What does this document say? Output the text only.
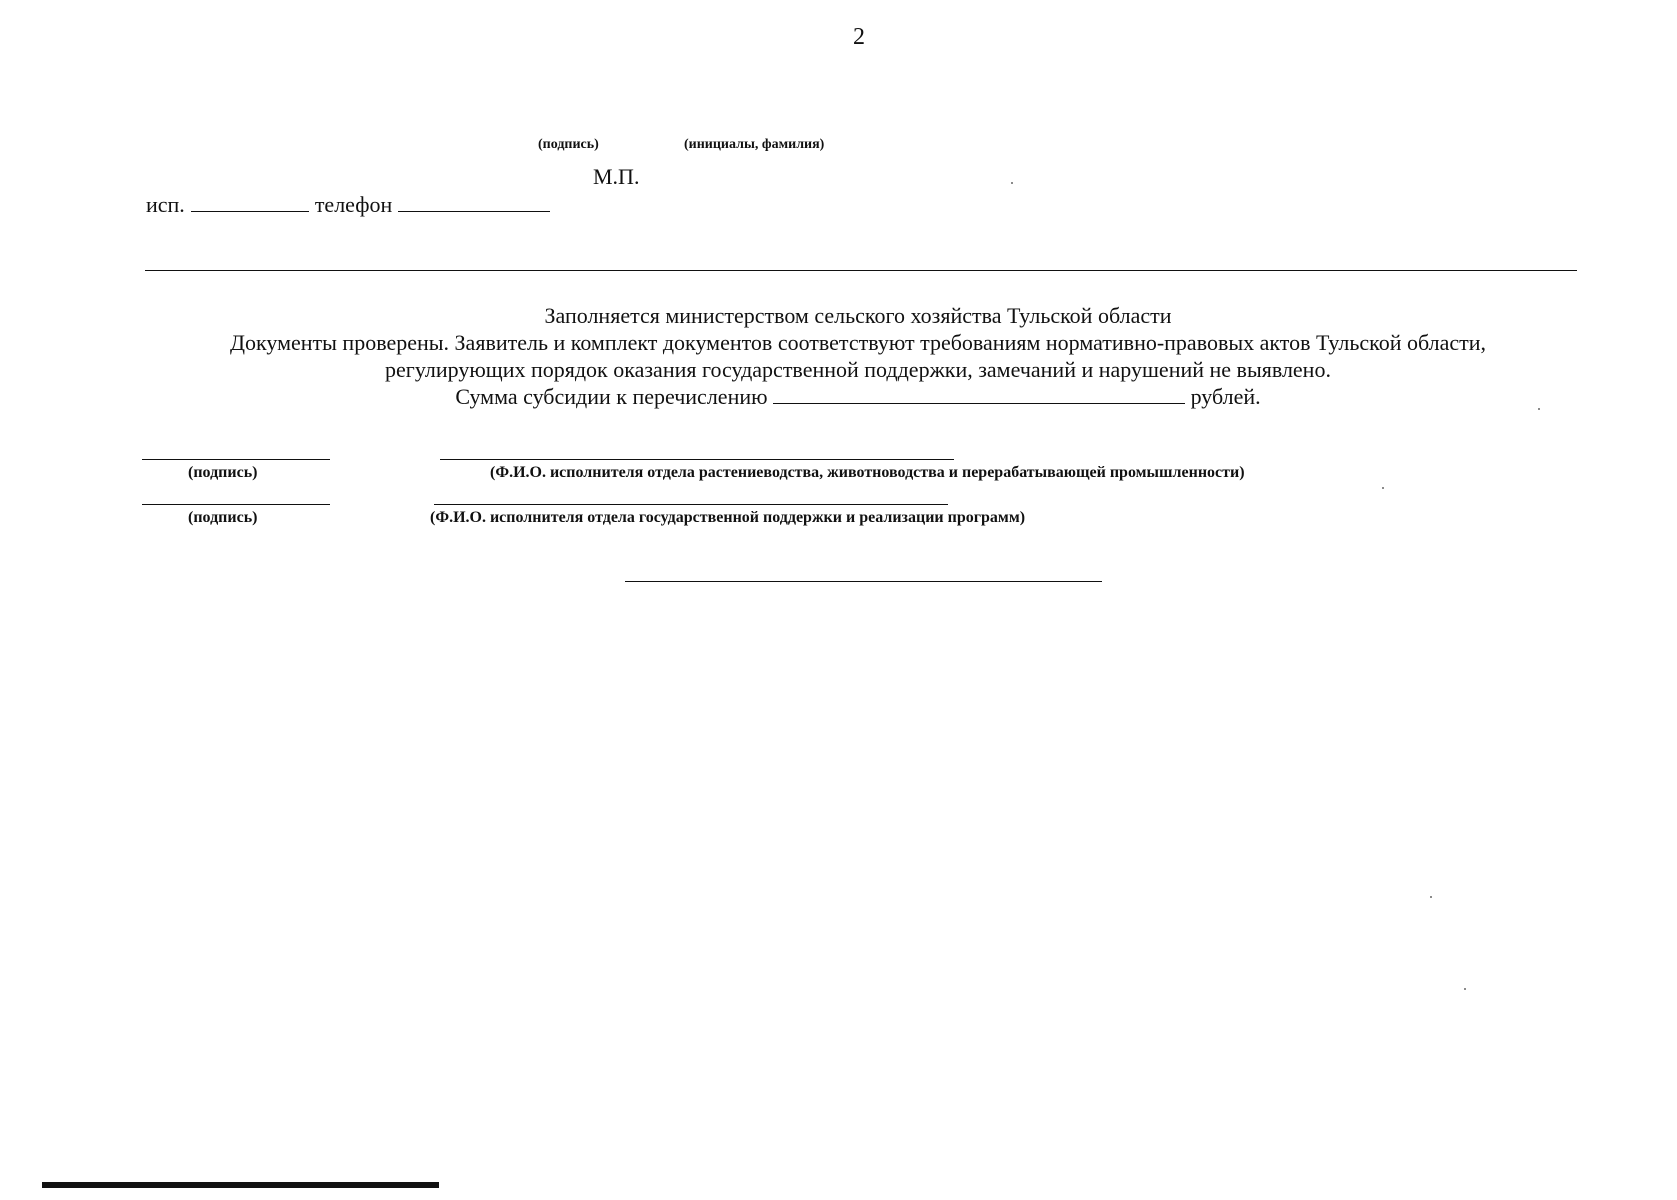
2
(подпись)	(инициалы, фамилия)
М.П.
исп.	телефон
Заполняется министерством сельского хозяйства Тульской области
Документы проверены. Заявитель и комплект документов соответствуют требованиям нормативно-правовых актов Тульской области,
регулирующих порядок оказания государственной поддержки, замечаний и нарушений не выявлено.
Сумма субсидии к перечислению	рублей.
(подпись)	(Ф.И.О. исполнителя отдела растениеводства, животноводства и перерабатывающей промышленности)
(подпись)	(Ф.И.О. исполнителя отдела государственной поддержки и реализации программ)
